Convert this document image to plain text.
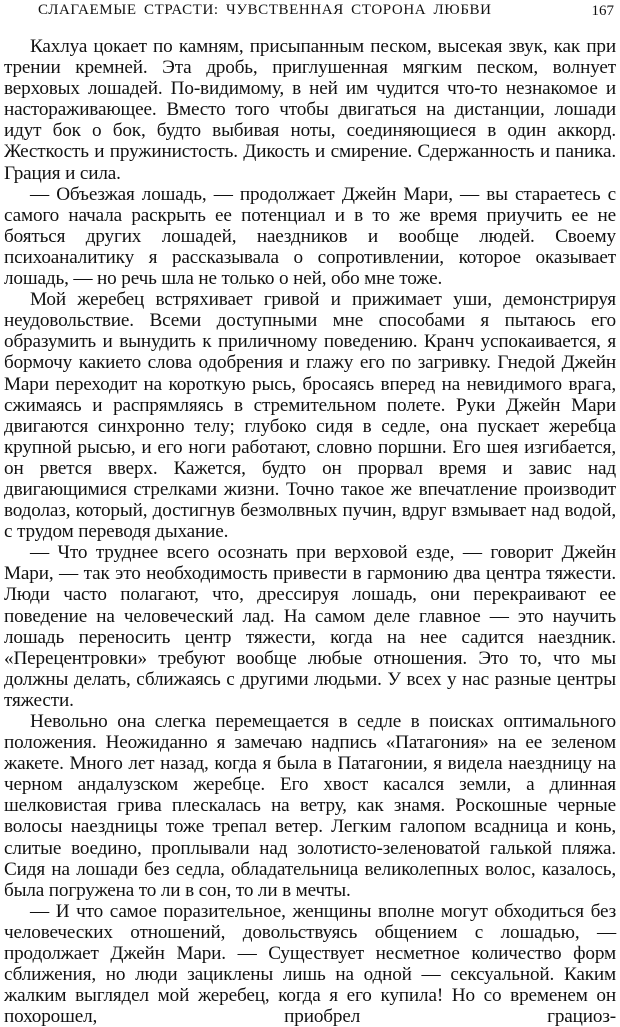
СЛАГАЕМЫЕ СТРАСТИ: ЧУВСТВЕННАЯ СТОРОНА ЛЮБВИ	167

Кахлуа цокает по камням, присыпанным песком, высекая звук, как при трении кремней. Эта дробь, приглушенная мягким песком, волнует верховых лошадей. По-видимому, в ней им чудится что-то незнакомое и настораживающее. Вместо того чтобы двигаться на дистанции, лошади идут бок о бок, будто выбивая ноты, соединяющиеся в один аккорд. Жесткость и пружинистость. Дикость и смирение. Сдержанность и паника. Грация и сила.

— Объезжая лошадь, — продолжает Джейн Мари, — вы стараетесь с самого начала раскрыть ее потенциал и в то же время приучить ее не бояться других лошадей, наездников и вообще людей. Своему психоаналитику я рассказывала о сопротивлении, которое оказывает лошадь, — но речь шла не только о ней, обо мне тоже.

Мой жеребец встряхивает гривой и прижимает уши, демонстрируя неудовольствие. Всеми доступными мне способами я пытаюсь его образумить и вынудить к приличному поведению. Кранч успокаивается, я бормочу какието слова одобрения и глажу его по загривку. Гнедой Джейн Мари переходит на короткую рысь, бросаясь вперед на невидимого врага, сжимаясь и распрямляясь в стремительном полете. Руки Джейн Мари двигаются синхронно телу; глубоко сидя в седле, она пускает жеребца крупной рысью, и его ноги работают, словно поршни. Его шея изгибается, он рвется вверх. Кажется, будто он прорвал время и завис над двигающимися стрелками жизни. Точно такое же впечатление производит водолаз, который, достигнув безмолвных пучин, вдруг взмывает над водой, с трудом переводя дыхание.

— Что труднее всего осознать при верховой езде, — говорит Джейн Мари, — так это необходимость привести в гармонию два центра тяжести. Люди часто полагают, что, дрессируя лошадь, они перекраивают ее поведение на человеческий лад. На самом деле главное — это научить лошадь переносить центр тяжести, когда на нее садится наездник. «Перецентровки» требуют вообще любые отношения. Это то, что мы должны делать, сближаясь с другими людьми. У всех у нас разные центры тяжести.

Невольно она слегка перемещается в седле в поисках оптимального положения. Неожиданно я замечаю надпись «Патагония» на ее зеленом жакете. Много лет назад, когда я была в Патагонии, я видела наездницу на черном андалузском жеребце. Его хвост касался земли, а длинная шелковистая грива плескалась на ветру, как знамя. Роскошные черные волосы наездницы тоже трепал ветер. Легким галопом всадница и конь, слитые воедино, проплывали над золотисто-зеленоватой галькой пляжа. Сидя на лошади без седла, обладательница великолепных волос, казалось, была погружена то ли в сон, то ли в мечты.

— И что самое поразительное, женщины вполне могут обходиться без человеческих отношений, довольствуясь общением с лошадью, — продолжает Джейн Мари. — Существует несметное количество форм сближения, но люди зациклены лишь на одной — сексуальной. Каким жалким выглядел мой жеребец, когда я его купила! Но со временем он похорошел, приобрел грациоз-
